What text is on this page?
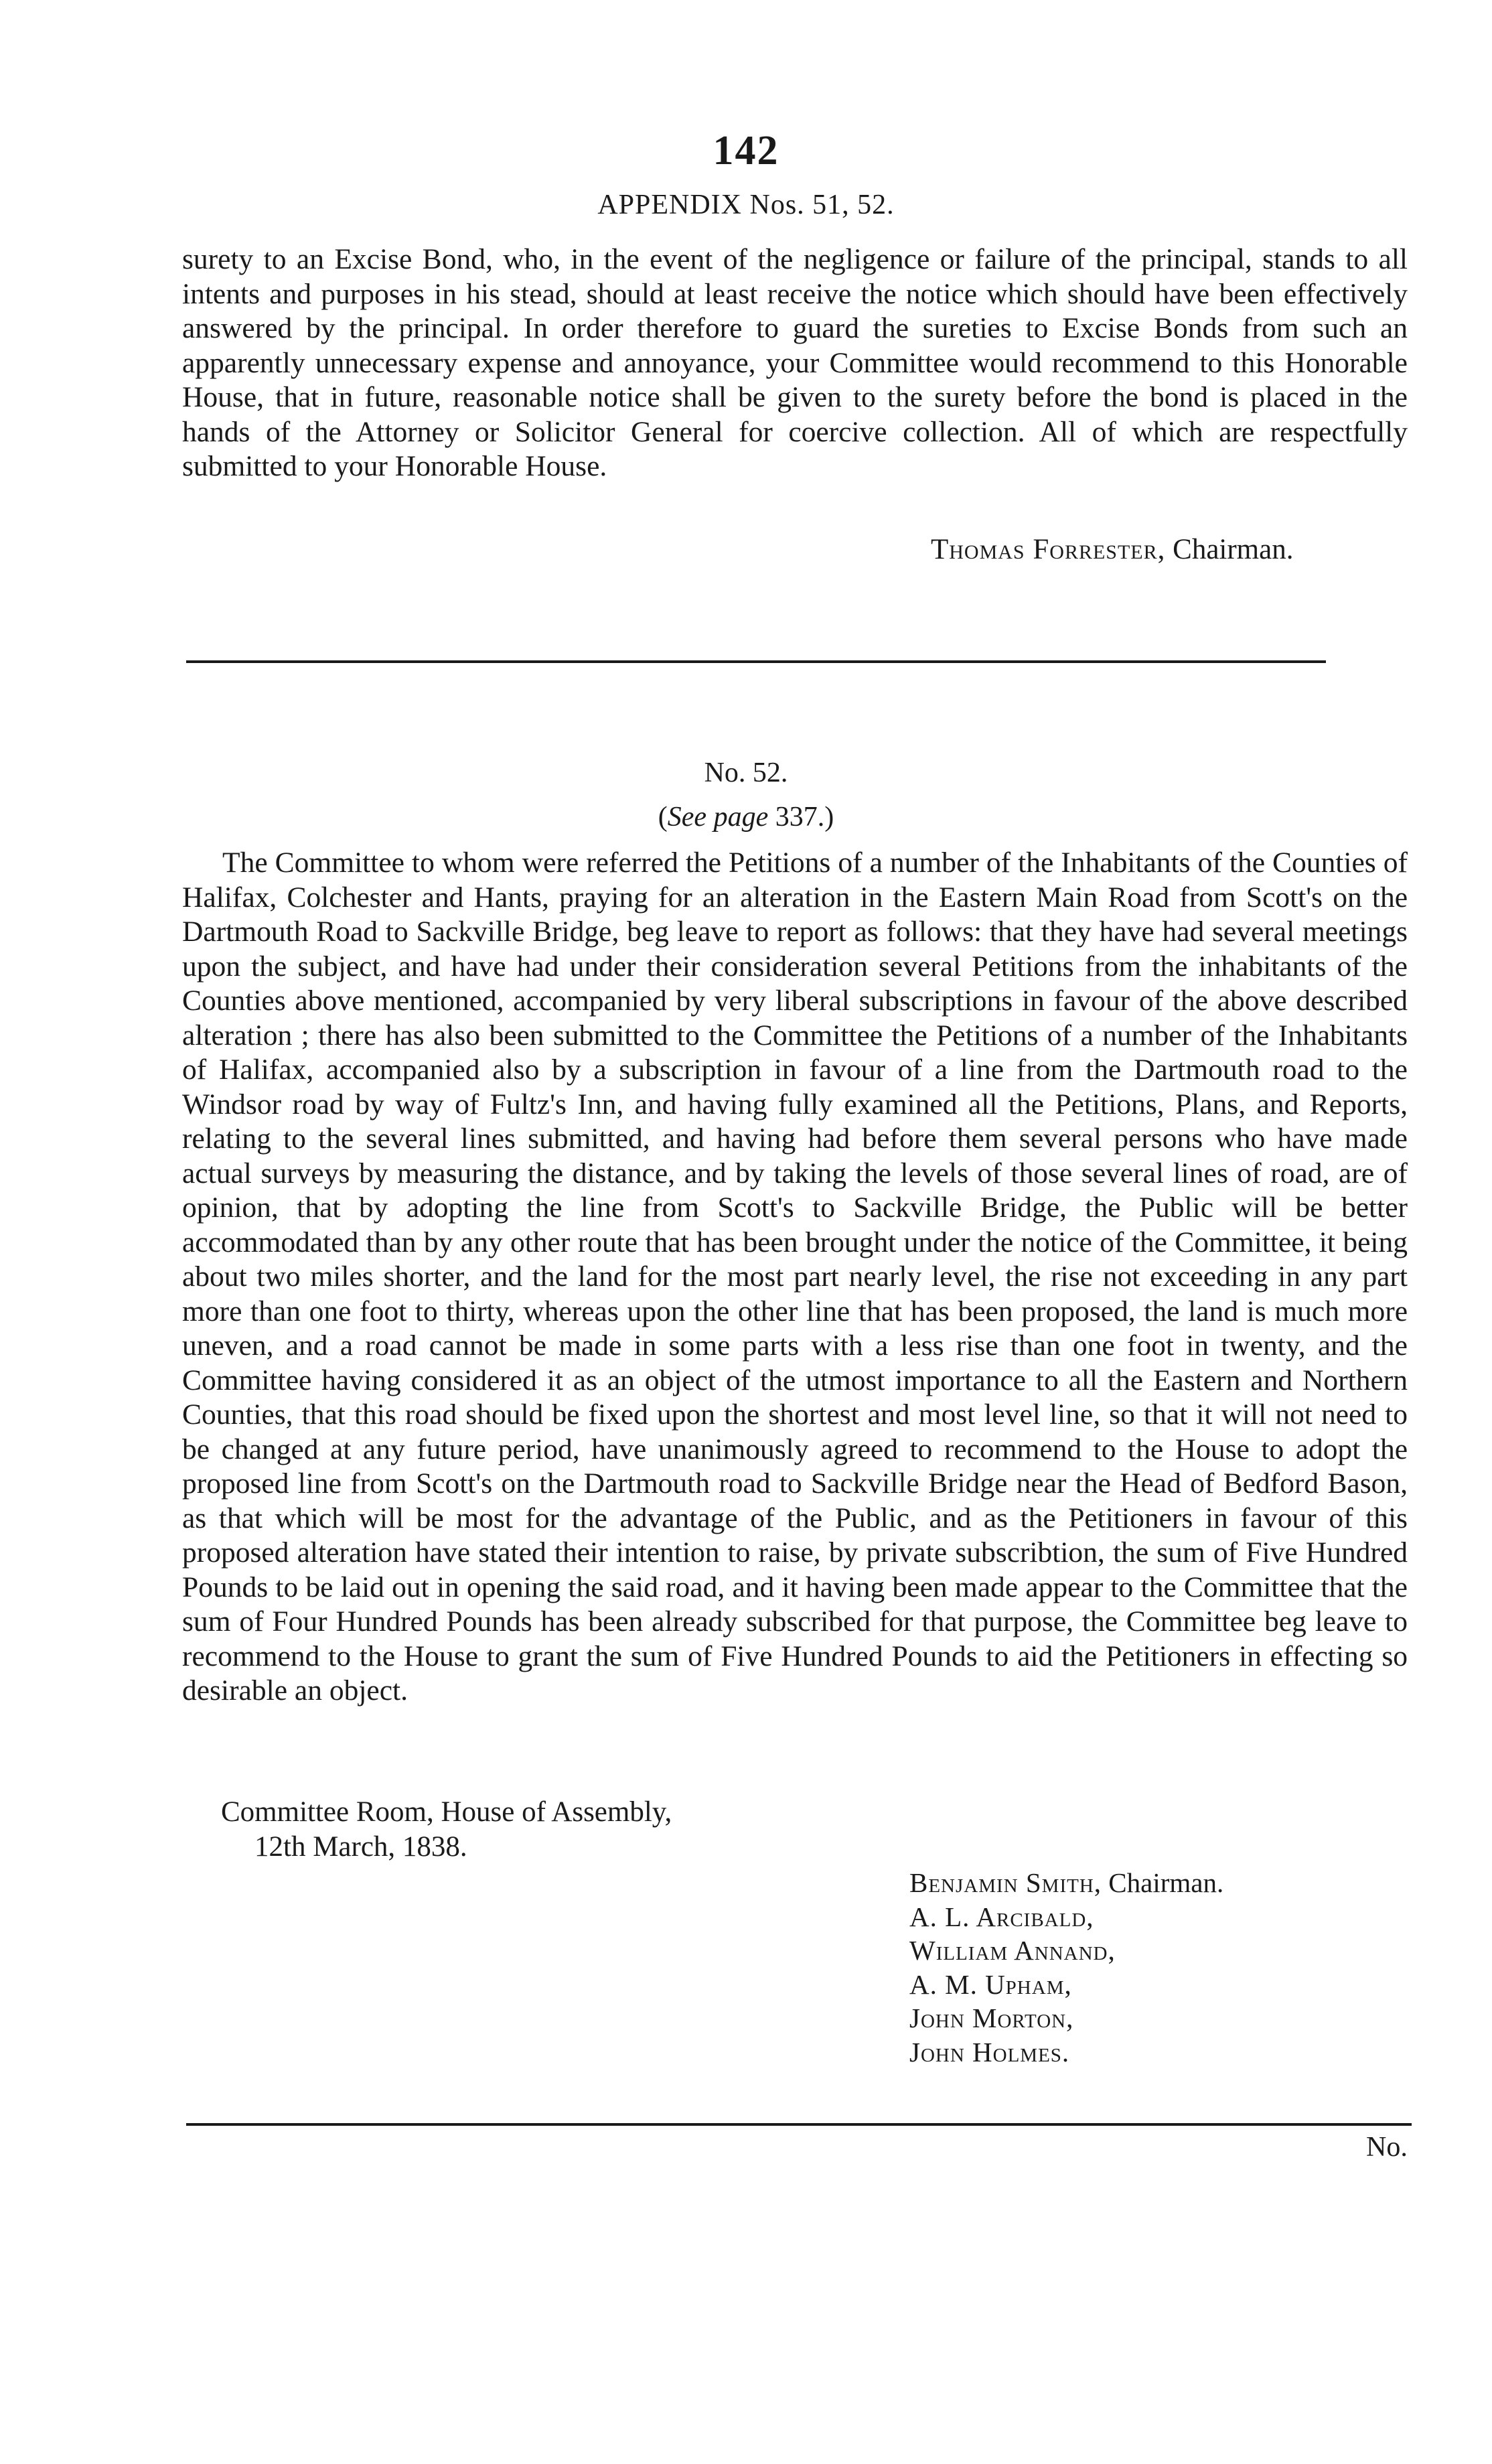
142
APPENDIX Nos. 51, 52.

surety to an Excise Bond, who, in the event of the negligence or failure of the principal, stands to all intents and purposes in his stead, should at least receive the notice which should have been effectively answered by the principal. In order therefore to guard the sureties to Excise Bonds from such an apparently unnecessary expense and annoyance, your Committee would recommend to this Honorable House, that in future, reasonable notice shall be given to the surety before the bond is placed in the hands of the Attorney or Solicitor General for coercive collection. All of which are respectfully submitted to your Honorable House.

Thomas Forrester, Chairman.
No. 52.
(See page 337.)

The Committee to whom were referred the Petitions of a number of the Inhabitants of the Counties of Halifax, Colchester and Hants, praying for an alteration in the Eastern Main Road from Scott's on the Dartmouth Road to Sackville Bridge, beg leave to report as follows: that they have had several meetings upon the subject, and have had under their consideration several Petitions from the inhabitants of the Counties above mentioned, accompanied by very liberal subscriptions in favour of the above described alteration ; there has also been submitted to the Committee the Petitions of a number of the Inhabitants of Halifax, accompanied also by a subscription in favour of a line from the Dartmouth road to the Windsor road by way of Fultz's Inn, and having fully examined all the Petitions, Plans, and Reports, relating to the several lines submitted, and having had before them several persons who have made actual surveys by measuring the distance, and by taking the levels of those several lines of road, are of opinion, that by adopting the line from Scott's to Sackville Bridge, the Public will be better accommodated than by any other route that has been brought under the notice of the Committee, it being about two miles shorter, and the land for the most part nearly level, the rise not exceeding in any part more than one foot to thirty, whereas upon the other line that has been proposed, the land is much more uneven, and a road cannot be made in some parts with a less rise than one foot in twenty, and the Committee having considered it as an object of the utmost importance to all the Eastern and Northern Counties, that this road should be fixed upon the shortest and most level line, so that it will not need to be changed at any future period, have unanimously agreed to recommend to the House to adopt the proposed line from Scott's on the Dartmouth road to Sackville Bridge near the Head of Bedford Bason, as that which will be most for the advantage of the Public, and as the Petitioners in favour of this proposed alteration have stated their intention to raise, by private subscribtion, the sum of Five Hundred Pounds to be laid out in opening the said road, and it having been made appear to the Committee that the sum of Four Hundred Pounds has been already subscribed for that purpose, the Committee beg leave to recommend to the House to grant the sum of Five Hundred Pounds to aid the Petitioners in effecting so desirable an object.

Committee Room, House of Assembly,
12th March, 1838.
Benjamin Smith, Chairman.
A. L. Arcibald,
William Annand,
A. M. Upham,
John Morton,
John Holmes.
No.
